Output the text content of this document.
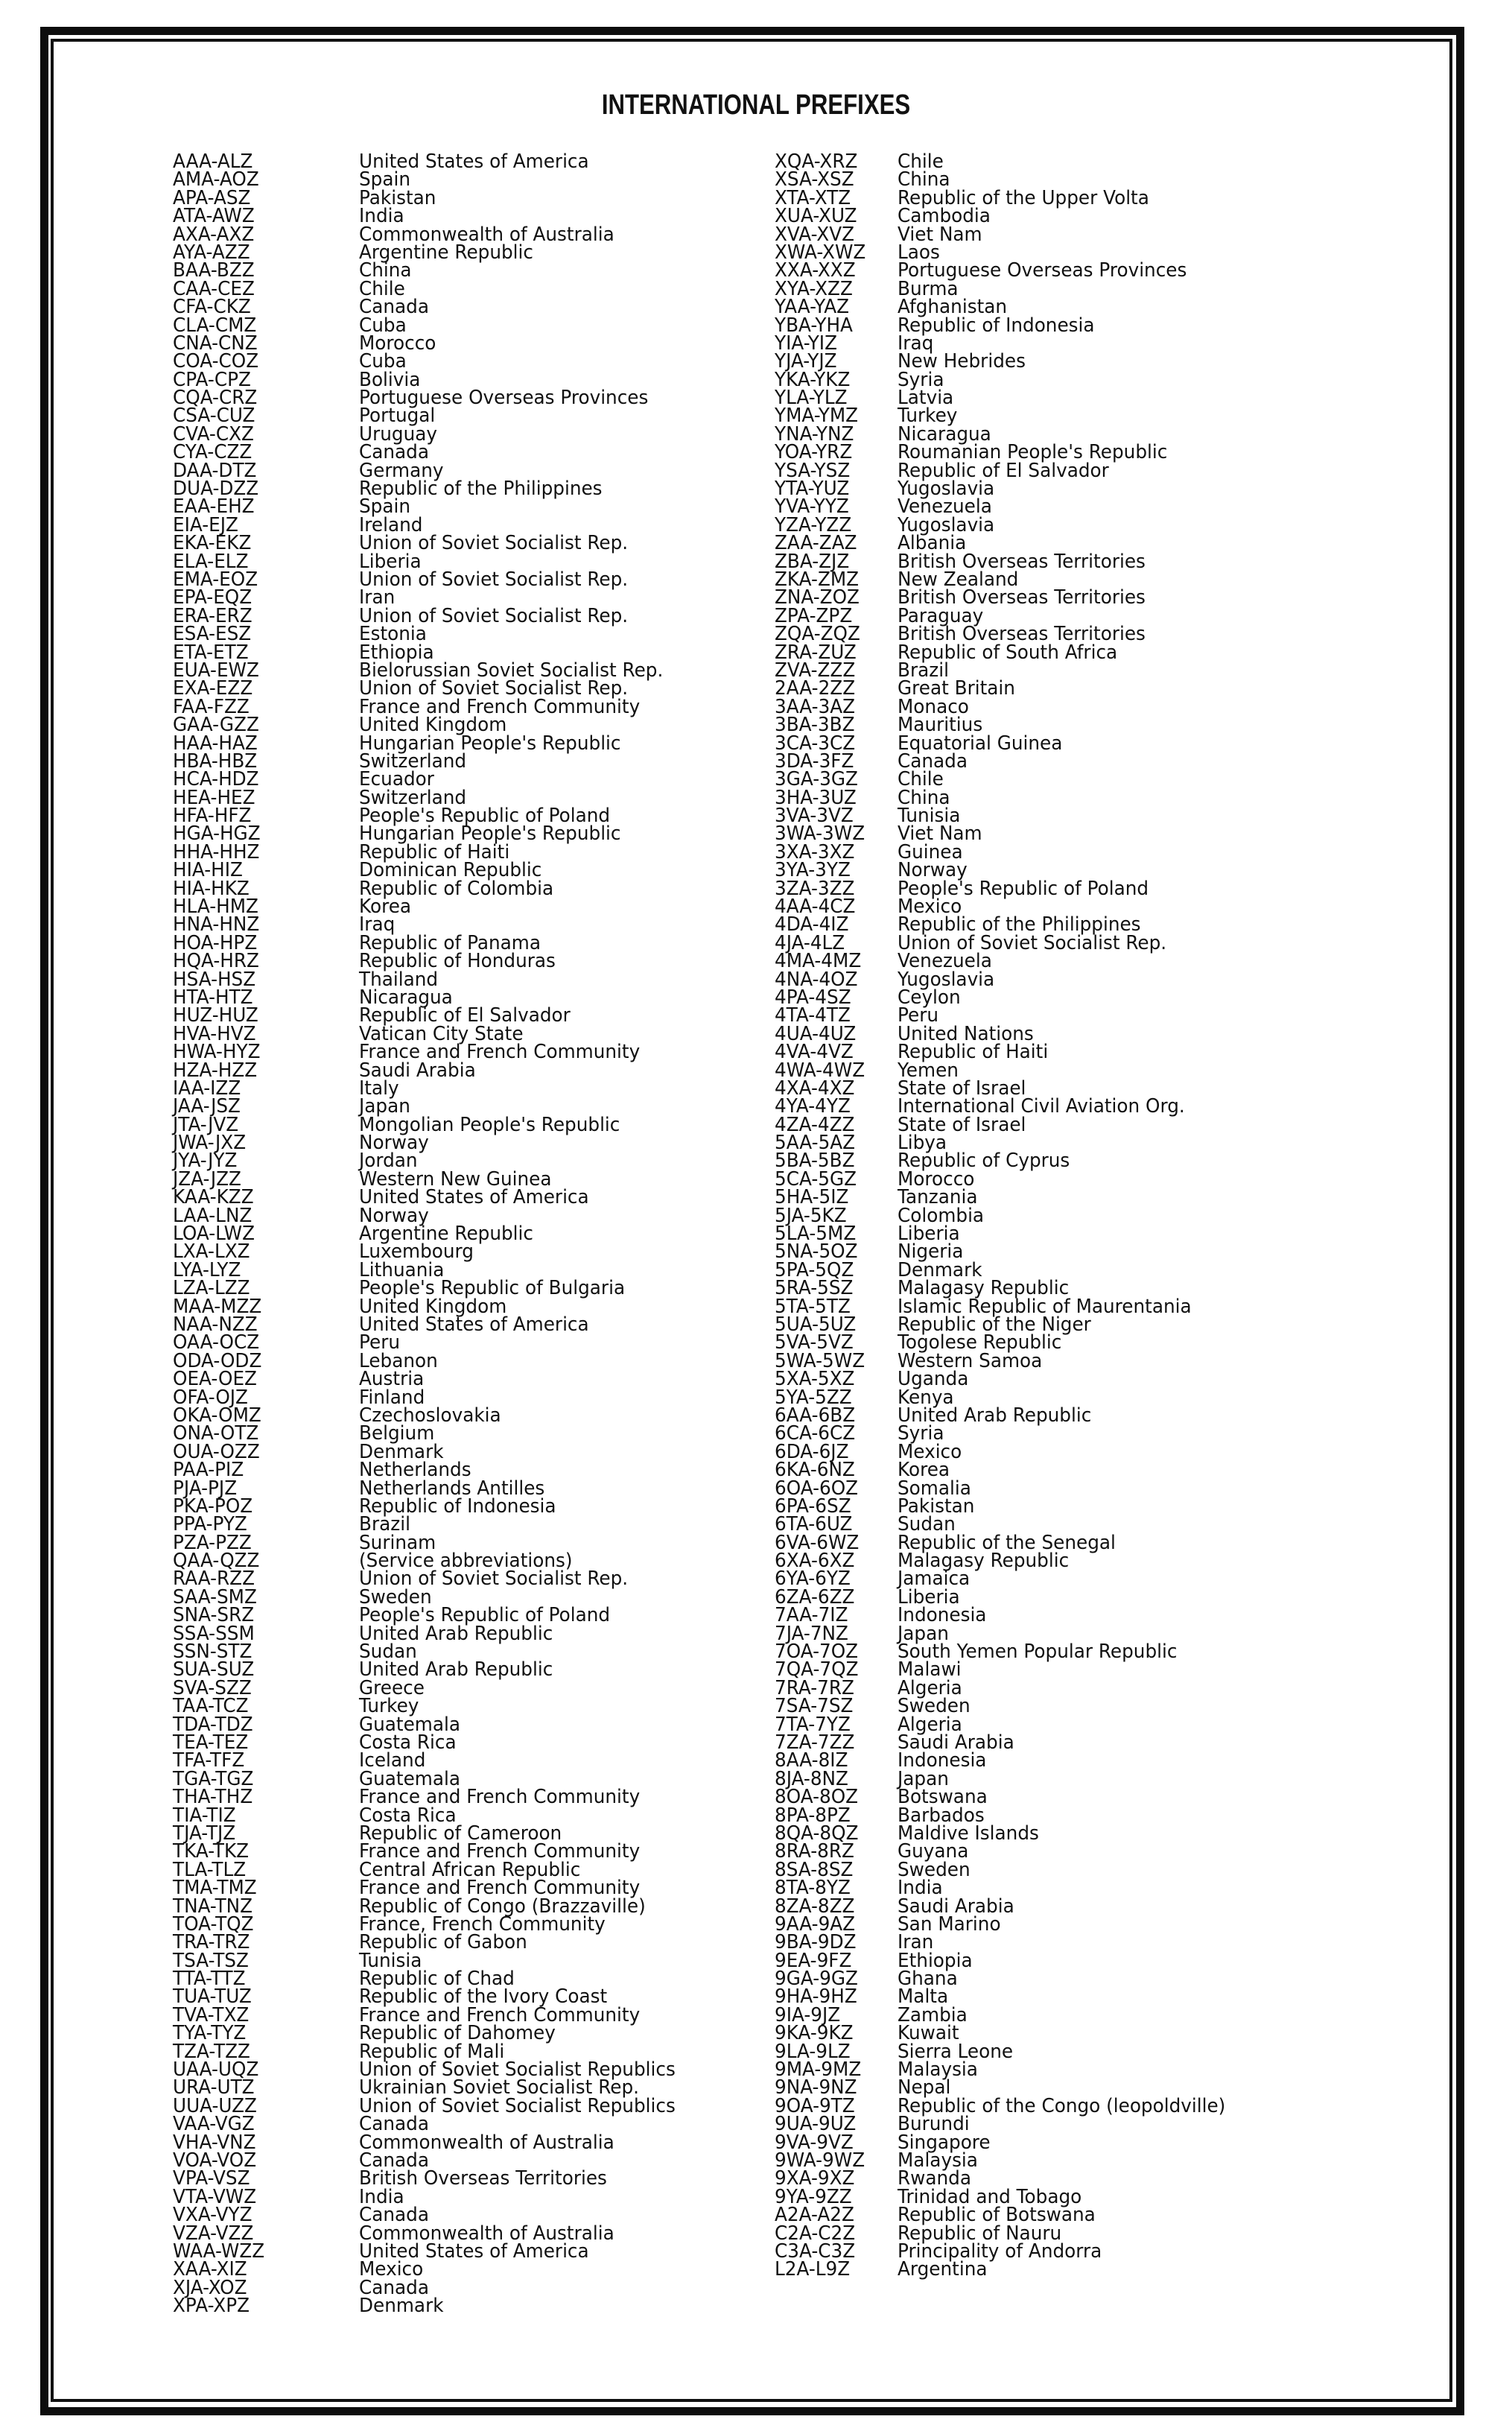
INTERNATIONAL PREFIXES
AAA-ALZ	United States of America
AMA-AOZ	Spain
APA-ASZ	Pakistan
ATA-AWZ	India
AXA-AXZ	Commonwealth of Australia
AYA-AZZ	Argentine Republic
BAA-BZZ	China
CAA-CEZ	Chile
CFA-CKZ	Canada
CLA-CMZ	Cuba
CNA-CNZ	Morocco
COA-COZ	Cuba
CPA-CPZ	Bolivia
CQA-CRZ	Portuguese Overseas Provinces
CSA-CUZ	Portugal
CVA-CXZ	Uruguay
CYA-CZZ	Canada
DAA-DTZ	Germany
DUA-DZZ	Republic of the Philippines
EAA-EHZ	Spain
EIA-EJZ	Ireland
EKA-EKZ	Union of Soviet Socialist Rep.
ELA-ELZ	Liberia
EMA-EOZ	Union of Soviet Socialist Rep.
EPA-EQZ	Iran
ERA-ERZ	Union of Soviet Socialist Rep.
ESA-ESZ	Estonia
ETA-ETZ	Ethiopia
EUA-EWZ	Bielorussian Soviet Socialist Rep.
EXA-EZZ	Union of Soviet Socialist Rep.
FAA-FZZ	France and French Community
GAA-GZZ	United Kingdom
HAA-HAZ	Hungarian People's Republic
HBA-HBZ	Switzerland
HCA-HDZ	Ecuador
HEA-HEZ	Switzerland
HFA-HFZ	People's Republic of Poland
HGA-HGZ	Hungarian People's Republic
HHA-HHZ	Republic of Haiti
HIA-HIZ	Dominican Republic
HIA-HKZ	Republic of Colombia
HLA-HMZ	Korea
HNA-HNZ	Iraq
HOA-HPZ	Republic of Panama
HQA-HRZ	Republic of Honduras
HSA-HSZ	Thailand
HTA-HTZ	Nicaragua
HUZ-HUZ	Republic of El Salvador
HVA-HVZ	Vatican City State
HWA-HYZ	France and French Community
HZA-HZZ	Saudi Arabia
IAA-IZZ	Italy
JAA-JSZ	Japan
JTA-JVZ	Mongolian People's Republic
JWA-JXZ	Norway
JYA-JYZ	Jordan
JZA-JZZ	Western New Guinea
KAA-KZZ	United States of America
LAA-LNZ	Norway
LOA-LWZ	Argentine Republic
LXA-LXZ	Luxembourg
LYA-LYZ	Lithuania
LZA-LZZ	People's Republic of Bulgaria
MAA-MZZ	United Kingdom
NAA-NZZ	United States of America
OAA-OCZ	Peru
ODA-ODZ	Lebanon
OEA-OEZ	Austria
OFA-OJZ	Finland
OKA-OMZ	Czechoslovakia
ONA-OTZ	Belgium
OUA-OZZ	Denmark
PAA-PIZ	Netherlands
PJA-PJZ	Netherlands Antilles
PKA-POZ	Republic of Indonesia
PPA-PYZ	Brazil
PZA-PZZ	Surinam
QAA-QZZ	(Service abbreviations)
RAA-RZZ	Union of Soviet Socialist Rep.
SAA-SMZ	Sweden
SNA-SRZ	People's Republic of Poland
SSA-SSM	United Arab Republic
SSN-STZ	Sudan
SUA-SUZ	United Arab Republic
SVA-SZZ	Greece
TAA-TCZ	Turkey
TDA-TDZ	Guatemala
TEA-TEZ	Costa Rica
TFA-TFZ	Iceland
TGA-TGZ	Guatemala
THA-THZ	France and French Community
TIA-TIZ	Costa Rica
TJA-TJZ	Republic of Cameroon
TKA-TKZ	France and French Community
TLA-TLZ	Central African Republic
TMA-TMZ	France and French Community
TNA-TNZ	Republic of Congo (Brazzaville)
TOA-TQZ	France, French Community
TRA-TRZ	Republic of Gabon
TSA-TSZ	Tunisia
TTA-TTZ	Republic of Chad
TUA-TUZ	Republic of the Ivory Coast
TVA-TXZ	France and French Community
TYA-TYZ	Republic of Dahomey
TZA-TZZ	Republic of Mali
UAA-UQZ	Union of Soviet Socialist Republics
URA-UTZ	Ukrainian Soviet Socialist Rep.
UUA-UZZ	Union of Soviet Socialist Republics
VAA-VGZ	Canada
VHA-VNZ	Commonwealth of Australia
VOA-VOZ	Canada
VPA-VSZ	British Overseas Territories
VTA-VWZ	India
VXA-VYZ	Canada
VZA-VZZ	Commonwealth of Australia
WAA-WZZ	United States of America
XAA-XIZ	Mexico
XJA-XOZ	Canada
XPA-XPZ	Denmark
XQA-XRZ	Chile
XSA-XSZ	China
XTA-XTZ	Republic of the Upper Volta
XUA-XUZ	Cambodia
XVA-XVZ	Viet Nam
XWA-XWZ	Laos
XXA-XXZ	Portuguese Overseas Provinces
XYA-XZZ	Burma
YAA-YAZ	Afghanistan
YBA-YHA	Republic of Indonesia
YIA-YIZ	Iraq
YJA-YJZ	New Hebrides
YKA-YKZ	Syria
YLA-YLZ	Latvia
YMA-YMZ	Turkey
YNA-YNZ	Nicaragua
YOA-YRZ	Roumanian People's Republic
YSA-YSZ	Republic of El Salvador
YTA-YUZ	Yugoslavia
YVA-YYZ	Venezuela
YZA-YZZ	Yugoslavia
ZAA-ZAZ	Albania
ZBA-ZJZ	British Overseas Territories
ZKA-ZMZ	New Zealand
ZNA-ZOZ	British Overseas Territories
ZPA-ZPZ	Paraguay
ZQA-ZQZ	British Overseas Territories
ZRA-ZUZ	Republic of South Africa
ZVA-ZZZ	Brazil
2AA-2ZZ	Great Britain
3AA-3AZ	Monaco
3BA-3BZ	Mauritius
3CA-3CZ	Equatorial Guinea
3DA-3FZ	Canada
3GA-3GZ	Chile
3HA-3UZ	China
3VA-3VZ	Tunisia
3WA-3WZ	Viet Nam
3XA-3XZ	Guinea
3YA-3YZ	Norway
3ZA-3ZZ	People's Republic of Poland
4AA-4CZ	Mexico
4DA-4IZ	Republic of the Philippines
4JA-4LZ	Union of Soviet Socialist Rep.
4MA-4MZ	Venezuela
4NA-4OZ	Yugoslavia
4PA-4SZ	Ceylon
4TA-4TZ	Peru
4UA-4UZ	United Nations
4VA-4VZ	Republic of Haiti
4WA-4WZ	Yemen
4XA-4XZ	State of Israel
4YA-4YZ	International Civil Aviation Org.
4ZA-4ZZ	State of Israel
5AA-5AZ	Libya
5BA-5BZ	Republic of Cyprus
5CA-5GZ	Morocco
5HA-5IZ	Tanzania
5JA-5KZ	Colombia
5LA-5MZ	Liberia
5NA-5OZ	Nigeria
5PA-5QZ	Denmark
5RA-5SZ	Malagasy Republic
5TA-5TZ	Islamic Republic of Maurentania
5UA-5UZ	Republic of the Niger
5VA-5VZ	Togolese Republic
5WA-5WZ	Western Samoa
5XA-5XZ	Uganda
5YA-5ZZ	Kenya
6AA-6BZ	United Arab Republic
6CA-6CZ	Syria
6DA-6JZ	Mexico
6KA-6NZ	Korea
6OA-6OZ	Somalia
6PA-6SZ	Pakistan
6TA-6UZ	Sudan
6VA-6WZ	Republic of the Senegal
6XA-6XZ	Malagasy Republic
6YA-6YZ	Jamaica
6ZA-6ZZ	Liberia
7AA-7IZ	Indonesia
7JA-7NZ	Japan
7OA-7OZ	South Yemen Popular Republic
7QA-7QZ	Malawi
7RA-7RZ	Algeria
7SA-7SZ	Sweden
7TA-7YZ	Algeria
7ZA-7ZZ	Saudi Arabia
8AA-8IZ	Indonesia
8JA-8NZ	Japan
8OA-8OZ	Botswana
8PA-8PZ	Barbados
8QA-8QZ	Maldive Islands
8RA-8RZ	Guyana
8SA-8SZ	Sweden
8TA-8YZ	India
8ZA-8ZZ	Saudi Arabia
9AA-9AZ	San Marino
9BA-9DZ	Iran
9EA-9FZ	Ethiopia
9GA-9GZ	Ghana
9HA-9HZ	Malta
9IA-9JZ	Zambia
9KA-9KZ	Kuwait
9LA-9LZ	Sierra Leone
9MA-9MZ	Malaysia
9NA-9NZ	Nepal
9OA-9TZ	Republic of the Congo (leopoldville)
9UA-9UZ	Burundi
9VA-9VZ	Singapore
9WA-9WZ	Malaysia
9XA-9XZ	Rwanda
9YA-9ZZ	Trinidad and Tobago
A2A-A2Z	Republic of Botswana
C2A-C2Z	Republic of Nauru
C3A-C3Z	Principality of Andorra
L2A-L9Z	Argentina
